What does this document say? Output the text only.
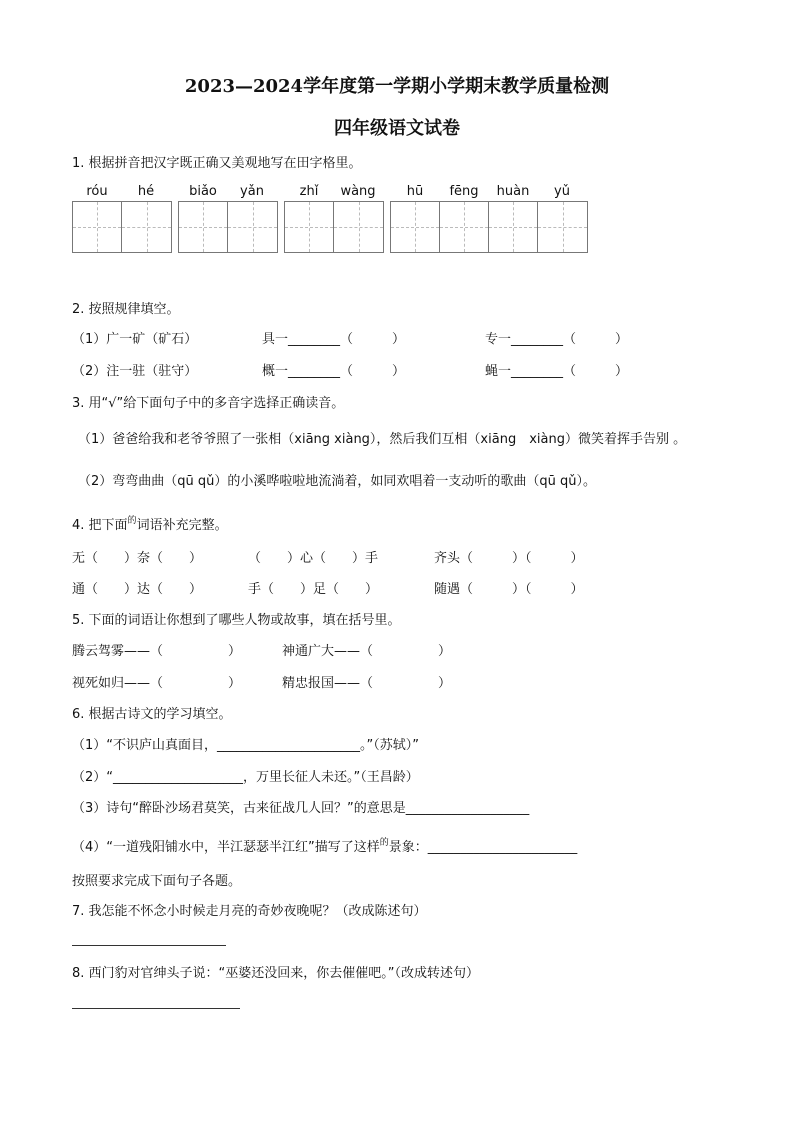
2023—2024学年度第一学期小学期末教学质量检测
四年级语文试卷
1. 根据拼音把汉字既正确又美观地写在田字格里。
róu	hé	biǎo	yǎn	zhǐ	wàng	hū	fēng	huàn	yǔ
2. 按照规律填空。
（1）广一矿（矿石）	具一________（　　　）	专一________（　　　）
（2）注一驻（驻守）	概一________（　　　）	蝇一________（　　　）
3. 用“√”给下面句子中的多音字选择正确读音。
（1）爸爸给我和老爷爷照了一张相（xiāng xiàng），然后我们互相（xiāng　xiàng）微笑着挥手告别 。
（2）弯弯曲曲（qū qǔ）的小溪哗啦啦地流淌着，如同欢唱着一支动听的歌曲（qū qǔ）。
4. 把下面$^的$词语补充完整。
无（　　）奈（　　）	（　　）心（　　）手	齐头（　　　）（　　　）
通（　　）达（　　）	手（　　）足（　　）	随遇（　　　）（　　　）
5. 下面的词语让你想到了哪些人物或故事，填在括号里。
腾云驾雾——（　　　　　）	神通广大——（　　　　　）
视死如归——（　　　　　）	精忠报国——（　　　　　）
6. 根据古诗文的学习填空。
（1）“不识庐山真面目，______________________。”（苏轼）”
（2）“____________________，万里长征人未还。”（王昌龄）
（3）诗句“醉卧沙场君莫笑，古来征战几人回？”的意思是___________________
（4）“一道残阳铺水中，半江瑟瑟半江红”描写了这样$^的$景象：_______________________
按照要求完成下面句子各题。
7. 我怎能不怀念小时候走月亮的奇妙夜晚呢？（改成陈述句）
8. 西门豹对官绅头子说：“巫婆还没回来，你去催催吧。”（改成转述句）
